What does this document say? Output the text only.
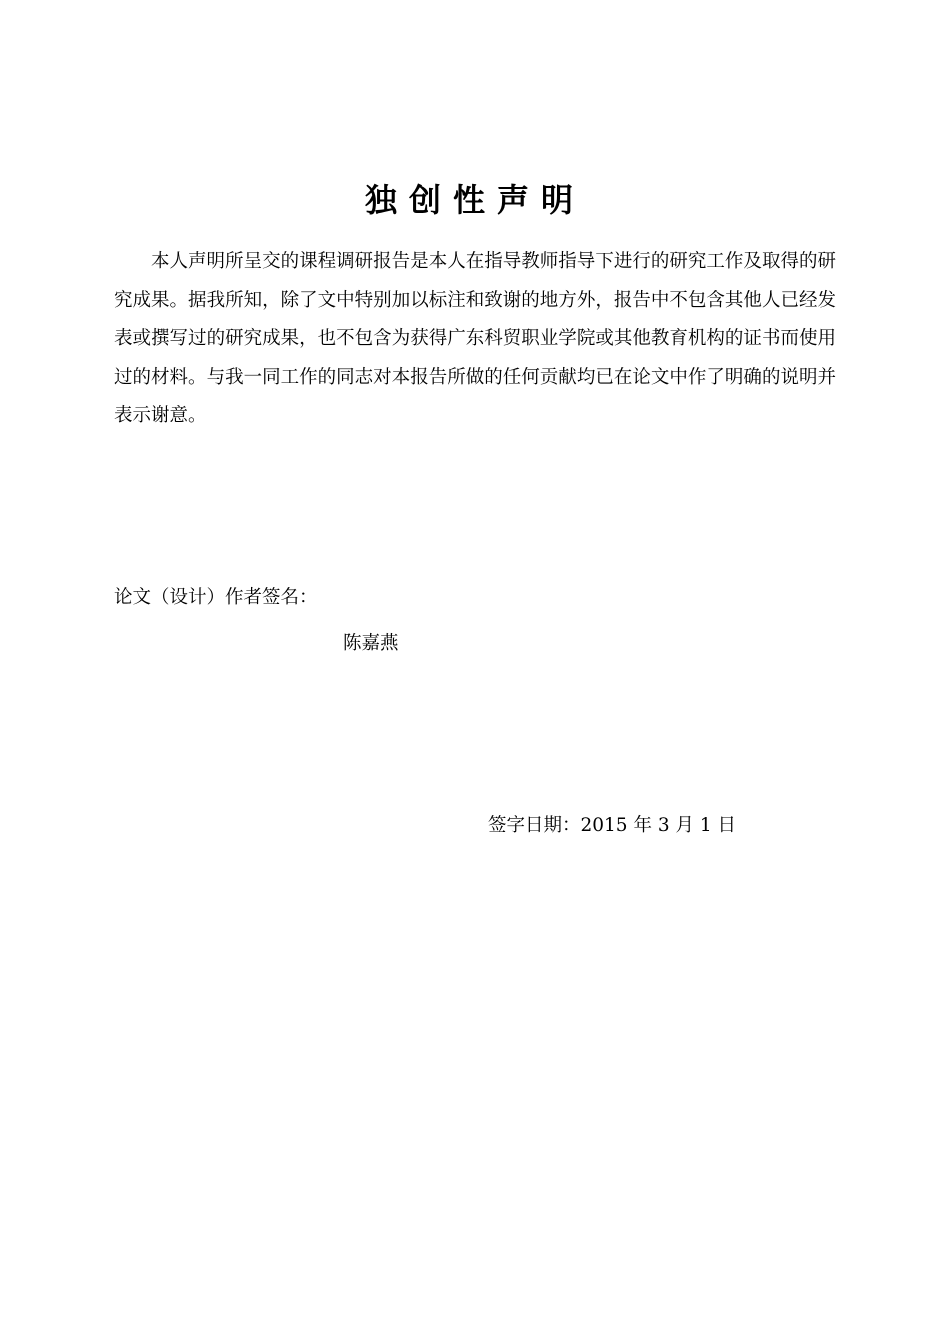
独创性声明

本人声明所呈交的课程调研报告是本人在指导教师指导下进行的研究工作及取得的研究成果。据我所知，除了文中特别加以标注和致谢的地方外，报告中不包含其他人已经发表或撰写过的研究成果，也不包含为获得广东科贸职业学院或其他教育机构的证书而使用过的材料。与我一同工作的同志对本报告所做的任何贡献均已在论文中作了明确的说明并表示谢意。

论文（设计）作者签名：
陈嘉燕
签字日期：2015 年 3 月 1 日
